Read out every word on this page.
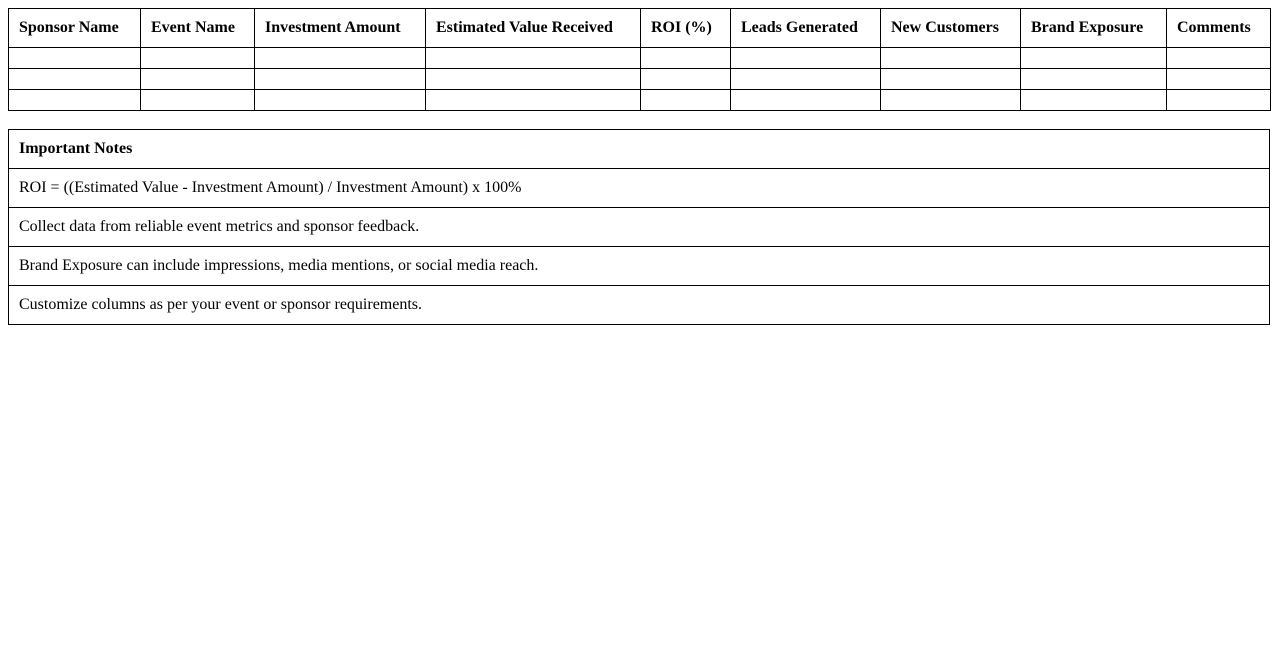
Sponsor Name	Event Name	Investment Amount	Estimated Value Received	ROI (%)	Leads Generated	New Customers	Brand Exposure	Comments

Important Notes
ROI = ((Estimated Value - Investment Amount) / Investment Amount) x 100%
Collect data from reliable event metrics and sponsor feedback.
Brand Exposure can include impressions, media mentions, or social media reach.
Customize columns as per your event or sponsor requirements.
